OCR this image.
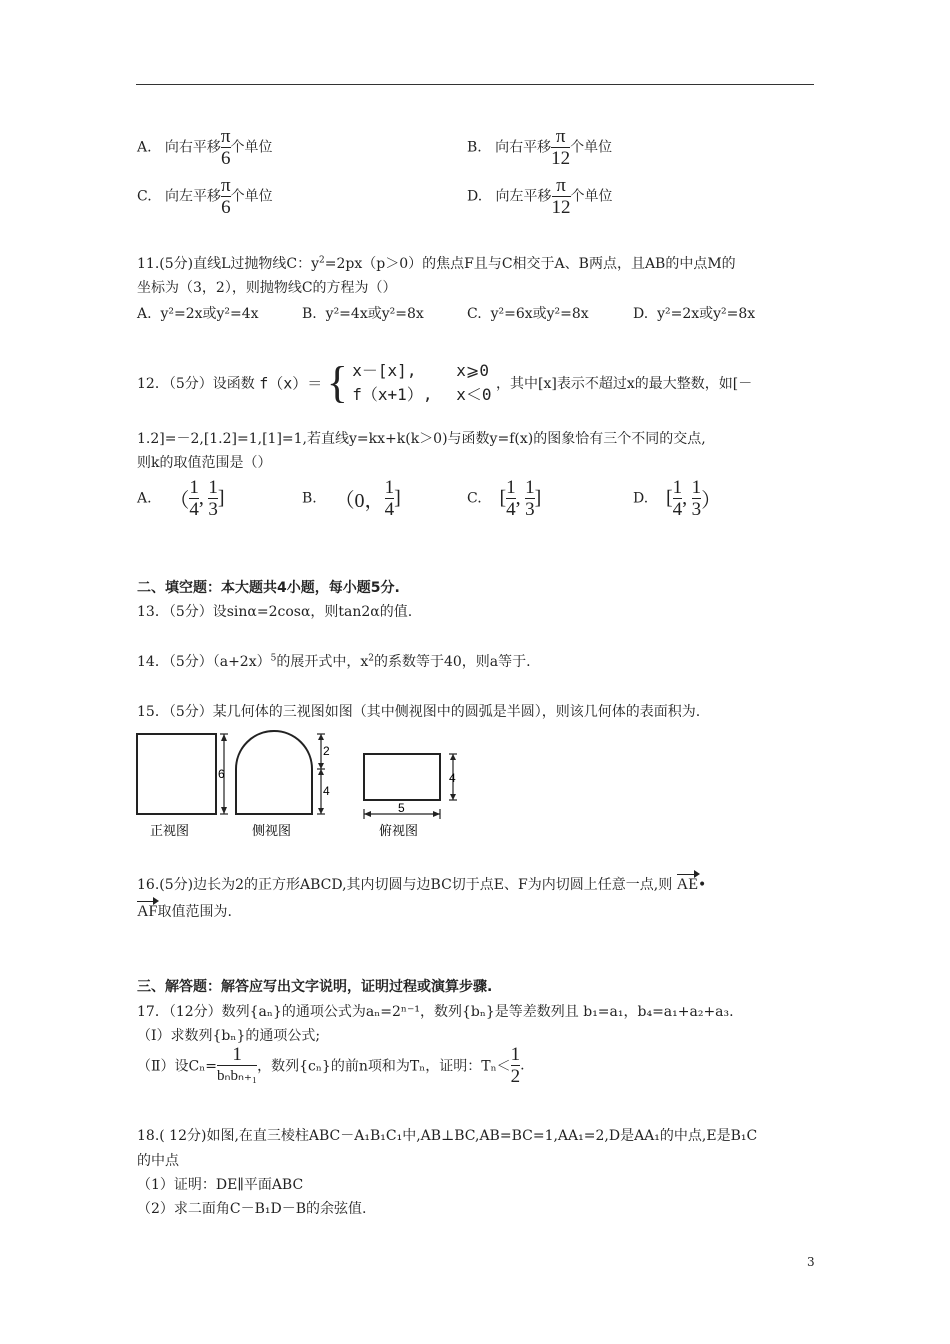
A. 向右平移 $\frac{\pi}{6}$ 个单位	B. 向右平移 $\frac{\pi}{12}$ 个单位
C. 向左平移 $\frac{\pi}{6}$ 个单位	D. 向左平移 $\frac{\pi}{12}$ 个单位
11.(5分)直线L过抛物线C：$y^2=2px(p>0)$的焦点F且与C相交于A、B两点，且AB的中点M的
坐标为（3，2），则抛物线C的方程为（）
A. y²=2x或y²=4x	B. y²=4x或y²=8x	C. y²=6x或y²=8x	D. y²=2x或y²=8x
12．（5分）设函数 f（x）＝ { x－[x], x⩾0
f（x+1）, x＜0
，其中[x]表示不超过x的最大整数，如[－
1.2]=－2,[1.2]=1,[1]=1,若直线y=kx+k(k＞0)与函数y=f(x)的图象恰有三个不同的交点,
则k的取值范围是（）
A. （ $\frac{1}{4}$ , $\frac{1}{3}$ ]	B. （0， $\frac{1}{4}$ ]	C. [ $\frac{1}{4}$ , $\frac{1}{3}$ ]	D. [ $\frac{1}{4}$ , $\frac{1}{3}$ ）
二、填空题：本大题共4小题，每小题5分.
13．（5分）设sinα=2cosα，则tan2α的值.
14．（5分）$(a+2x)^5$的展开式中，$x^2$的系数等于40，则a等于.
15．（5分）某几何体的三视图如图（其中侧视图中的圆弧是半圆），则该几何体的表面积为.
6
正视图
2
4
侧视图
4
5
俯视图
16.(5分)边长为2的正方形ABCD,其内切圆与边BC切于点E、F为内切圆上任意一点,则 AE•
AF取值范围为.
三、解答题：解答应写出文字说明，证明过程或演算步骤.
17．（12分）数列{aₙ}的通项公式为aₙ=2ⁿ⁻¹，数列{bₙ}是等差数列且 b₁=a₁，b₄=a₁+a₂+a₃.
（Ⅰ）求数列{bₙ}的通项公式;
（Ⅱ）设$C_n= \frac{1}{\text{bₙbₙ₊₁}}$ ，数列{cₙ}的前n项和为Tₙ，证明：$T_n< \frac{1}{2}$ .
18.( 12分)如图,在直三棱柱ABC－A₁B₁C₁中,AB⊥BC,AB=BC=1,AA₁=2,D是AA₁的中点,E是B₁C
的中点
（1）证明：DE∥平面ABC
（2）求二面角C－B₁D－B的余弦值.
3
